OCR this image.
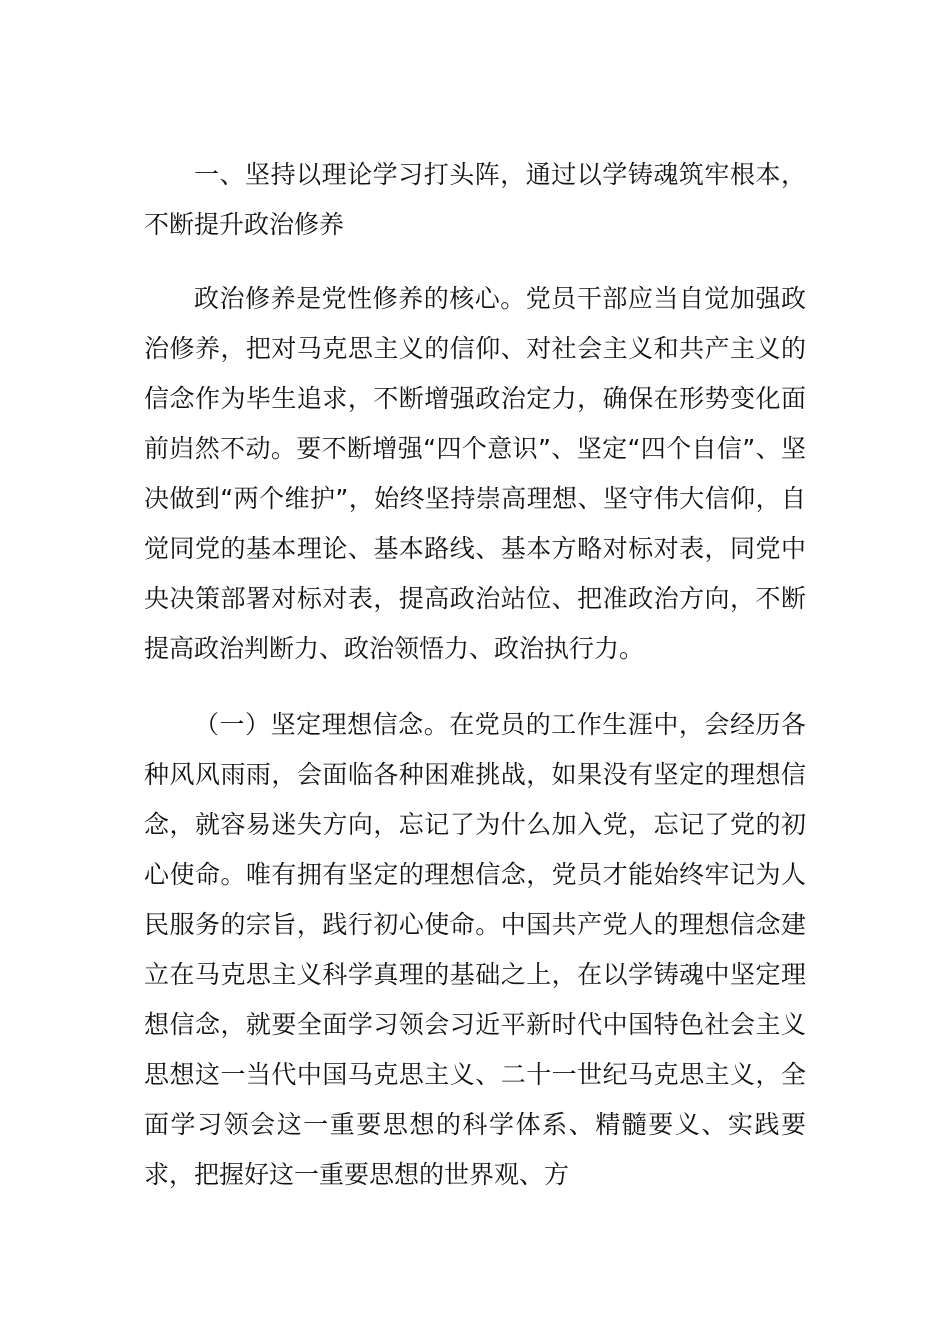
一、坚持以理论学习打头阵，通过以学铸魂筑牢根本，不断提升政治修养

政治修养是党性修养的核心。党员干部应当自觉加强政治修养，把对马克思主义的信仰、对社会主义和共产主义的信念作为毕生追求，不断增强政治定力，确保在形势变化面前岿然不动。要不断增强“四个意识”、坚定“四个自信”、坚决做到“两个维护”，始终坚持崇高理想、坚守伟大信仰，自觉同党的基本理论、基本路线、基本方略对标对表，同党中央决策部署对标对表，提高政治站位、把准政治方向，不断提高政治判断力、政治领悟力、政治执行力。

（一）坚定理想信念。在党员的工作生涯中，会经历各种风风雨雨，会面临各种困难挑战，如果没有坚定的理想信念，就容易迷失方向，忘记了为什么加入党，忘记了党的初心使命。唯有拥有坚定的理想信念，党员才能始终牢记为人民服务的宗旨，践行初心使命。中国共产党人的理想信念建立在马克思主义科学真理的基础之上，在以学铸魂中坚定理想信念，就要全面学习领会习近平新时代中国特色社会主义思想这一当代中国马克思主义、二十一世纪马克思主义，全面学习领会这一重要思想的科学体系、精髓要义、实践要求，把握好这一重要思想的世界观、方
